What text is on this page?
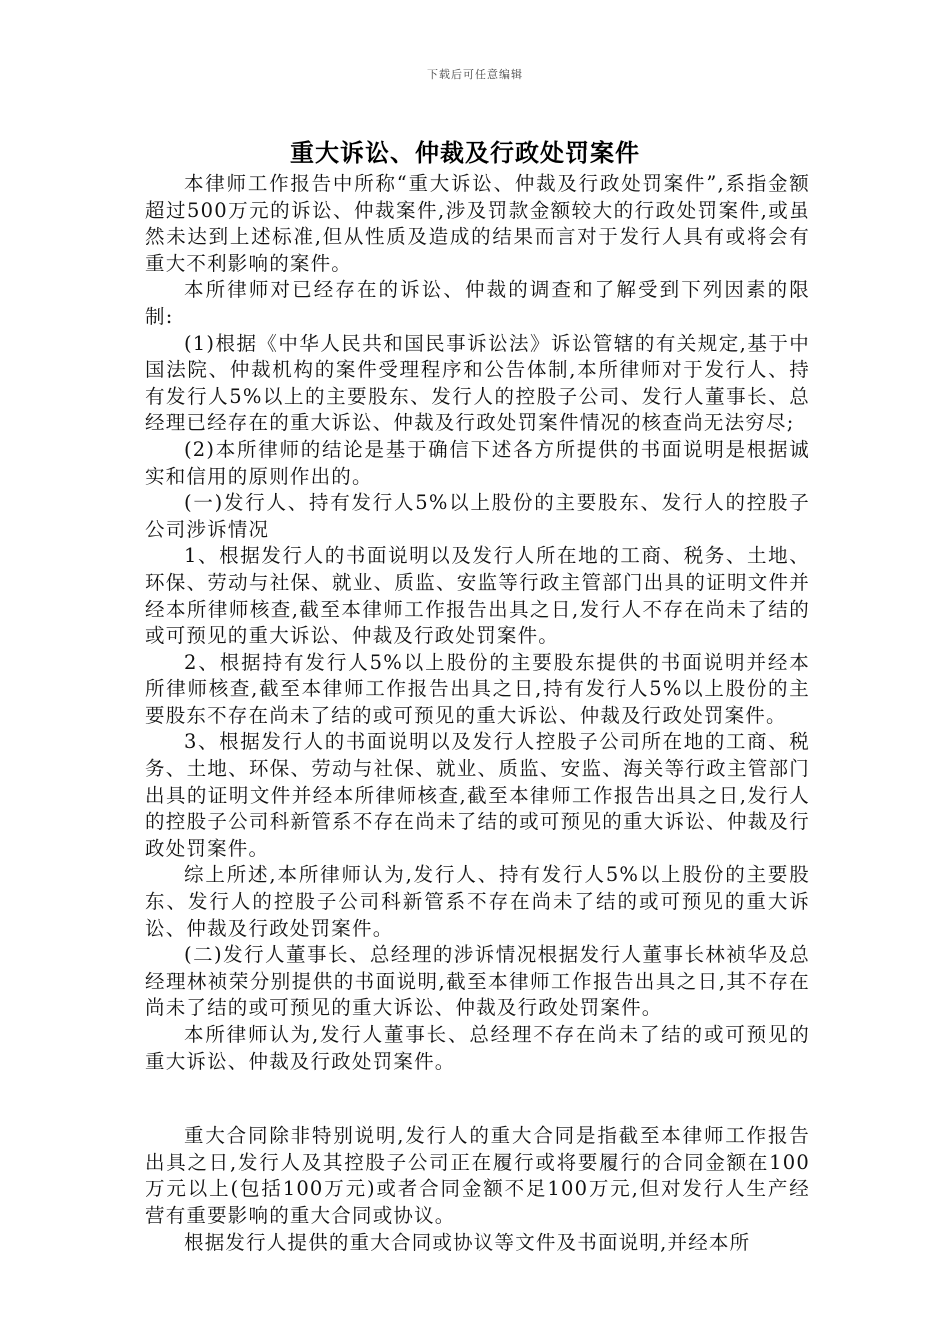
下载后可任意编辑
重大诉讼、仲裁及行政处罚案件

本律师工作报告中所称“重大诉讼、仲裁及行政处罚案件”,系指金额超过500万元的诉讼、仲裁案件,涉及罚款金额较大的行政处罚案件,或虽然未达到上述标准,但从性质及造成的结果而言对于发行人具有或将会有重大不利影响的案件。

本所律师对已经存在的诉讼、仲裁的调查和了解受到下列因素的限制:

(1)根据《中华人民共和国民事诉讼法》诉讼管辖的有关规定,基于中国法院、仲裁机构的案件受理程序和公告体制,本所律师对于发行人、持有发行人5%以上的主要股东、发行人的控股子公司、发行人董事长、总经理已经存在的重大诉讼、仲裁及行政处罚案件情况的核查尚无法穷尽;

(2)本所律师的结论是基于确信下述各方所提供的书面说明是根据诚实和信用的原则作出的。

(一)发行人、持有发行人5%以上股份的主要股东、发行人的控股子公司涉诉情况

1、根据发行人的书面说明以及发行人所在地的工商、税务、土地、环保、劳动与社保、就业、质监、安监等行政主管部门出具的证明文件并经本所律师核查,截至本律师工作报告出具之日,发行人不存在尚未了结的或可预见的重大诉讼、仲裁及行政处罚案件。

2、根据持有发行人5%以上股份的主要股东提供的书面说明并经本所律师核查,截至本律师工作报告出具之日,持有发行人5%以上股份的主要股东不存在尚未了结的或可预见的重大诉讼、仲裁及行政处罚案件。

3、根据发行人的书面说明以及发行人控股子公司所在地的工商、税务、土地、环保、劳动与社保、就业、质监、安监、海关等行政主管部门出具的证明文件并经本所律师核查,截至本律师工作报告出具之日,发行人的控股子公司科新管系不存在尚未了结的或可预见的重大诉讼、仲裁及行政处罚案件。

综上所述,本所律师认为,发行人、持有发行人5%以上股份的主要股东、发行人的控股子公司科新管系不存在尚未了结的或可预见的重大诉讼、仲裁及行政处罚案件。

(二)发行人董事长、总经理的涉诉情况根据发行人董事长林祯华及总经理林祯荣分别提供的书面说明,截至本律师工作报告出具之日,其不存在尚未了结的或可预见的重大诉讼、仲裁及行政处罚案件。

本所律师认为,发行人董事长、总经理不存在尚未了结的或可预见的重大诉讼、仲裁及行政处罚案件。

重大合同除非特别说明,发行人的重大合同是指截至本律师工作报告出具之日,发行人及其控股子公司正在履行或将要履行的合同金额在100万元以上(包括100万元)或者合同金额不足100万元,但对发行人生产经营有重要影响的重大合同或协议。

根据发行人提供的重大合同或协议等文件及书面说明,并经本所
